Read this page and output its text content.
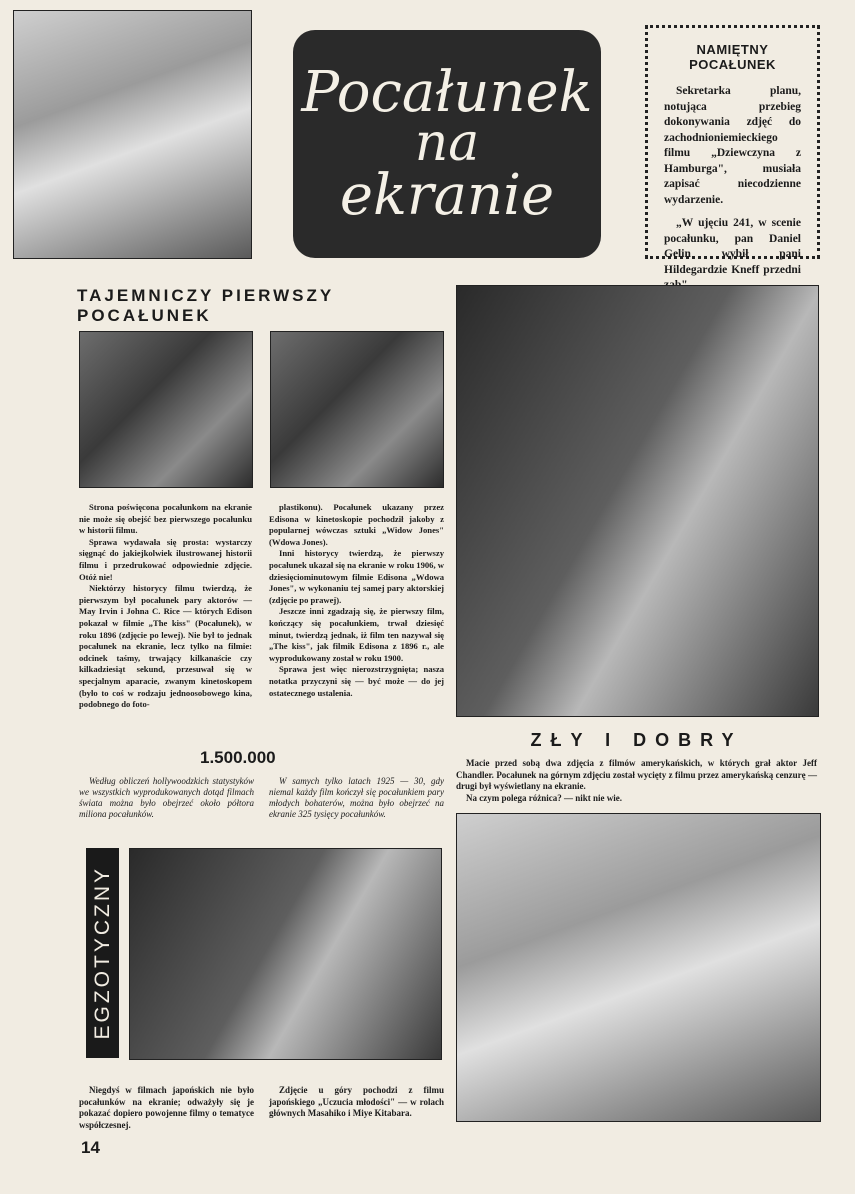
Pocałunek
na
ekranie
NAMIĘTNY
POCAŁUNEK

Sekretarka planu, notująca przebieg dokonywania zdjęć do zachodnioniemieckiego filmu „Dziewczyna z Hamburga", musiała zapisać niecodzienne wydarzenie.

„W ujęciu 241, w scenie pocałunku, pan Daniel Gelin wybił pani Hildegardzie Kneff przedni

TAJEMNICZY PIERWSZY POCAŁUNEK

Strona poświęcona pocałunkom na ekranie nie może się obejść bez pierwszego pocałunku w historii filmu.

Sprawa wydawała się prosta: wystarczy sięgnąć do jakiejkolwiek ilustrowanej historii filmu i przedrukować odpowiednie zdjęcie. Otóż nie!

Niektórzy historycy filmu twierdzą, że pierwszym był pocałunek pary aktorów — May Irvin i Johna C. Rice — których Edison pokazał w filmie „The kiss" (Pocałunek), w roku 1896 (zdjęcie po lewej). Nie był to jednak pocałunek na ekranie, lecz tylko na filmie: odcinek taśmy, trwający kilkanaście czy kilkadziesiąt sekund, przesuwał się w specjalnym aparacie, zwanym kinetoskopem (było to coś w rodzaju jednoosobowego kina, podobnego do foto-

plastikonu). Pocałunek ukazany przez Edisona w kinetoskopie pochodził jakoby z popularnej wówczas sztuki „Widow Jones" (Wdowa Jones).

Inni historycy twierdzą, że pierwszy pocałunek ukazał się na ekranie w roku 1906, w dziesięciominutowym filmie Edisona „Wdowa Jones", w wykonaniu tej samej pary aktorskiej (zdjęcie po prawej).

Jeszcze inni zgadzają się, że pierwszy film, kończący się pocałunkiem, trwał dziesięć minut, twierdzą jednak, iż film ten nazywał się „The kiss", jak filmik Edisona z 1896 r., ale wyprodukowany został w roku 1900.

Sprawa jest więc nierozstrzygnięta; nasza notatka przyczyni się — być może — do jej ostatecznego ustalenia.

1.500.000

Według obliczeń hollywoodzkich statystyków we wszystkich wyprodukowanych dotąd filmach świata można było obejrzeć około półtora miliona pocałunków.

W samych tylko latach 1925 — 30, gdy niemal każdy film kończył się pocałunkiem pary młodych bohaterów, można było obejrzeć na ekranie 325 tysięcy pocałunków.

ZŁY I DOBRY

Macie przed sobą dwa zdjęcia z filmów amerykańskich, w których grał aktor Jeff Chandler. Pocałunek na górnym zdjęciu został wycięty z filmu przez amerykańską cenzurę — drugi był wyświetlany na ekranie.

Na czym polega różnica? — nikt nie wie.

EGZOTYCZNY

Niegdyś w filmach japońskich nie było pocałunków na ekranie; odważyły się je pokazać dopiero powojenne filmy o tematyce współczesnej.

Zdjęcie u góry pochodzi z filmu japońskiego „Uczucia młodości" — w rolach głównych Masahiko i Miye Kitabara.

14
